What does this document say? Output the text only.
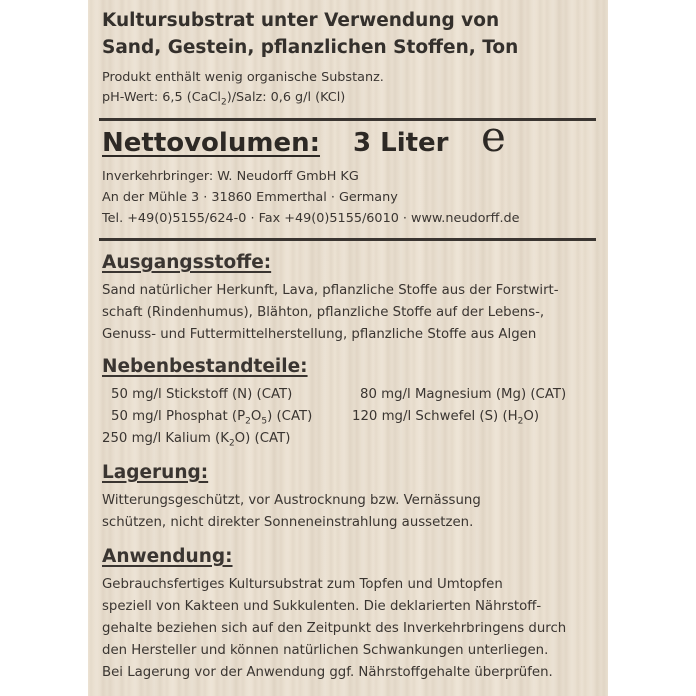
Kultursubstrat unter Verwendung von
Sand, Gestein, pflanzlichen Stoffen, Ton
Produkt enthält wenig organische Substanz.
pH-Wert: 6,5 (CaCl$_2$)/Salz: 0,6 g/l (KCl)
Nettovolumen: 3 Liter e
Inverkehrbringer: W. Neudorff GmbH KG
An der Mühle 3 · 31860 Emmerthal · Germany
Tel. +49(0)5155/624-0 · Fax +49(0)5155/6010 · www.neudorff.de
Ausgangsstoffe:
Sand natürlicher Herkunft, Lava, pflanzliche Stoffe aus der Forstwirt-
schaft (Rindenhumus), Blähton, pflanzliche Stoffe auf der Lebens-,
Genuss- und Futtermittelherstellung, pflanzliche Stoffe aus Algen
Nebenbestandteile:
50 mg/l Stickstoff (N) (CAT)
50 mg/l Phosphat $(P_2O_5)$ (CAT)
250 mg/l Kalium $(K_2O)$ (CAT)
80 mg/l Magnesium (Mg) (CAT)
120 mg/l Schwefel (S) $(H_2O)$
Lagerung:
Witterungsgeschützt, vor Austrocknung bzw. Vernässung
schützen, nicht direkter Sonneneinstrahlung aussetzen.
Anwendung:
Gebrauchsfertiges Kultursubstrat zum Topfen und Umtopfen
speziell von Kakteen und Sukkulenten. Die deklarierten Nährstoff-
gehalte beziehen sich auf den Zeitpunkt des Inverkehrbringens durch
den Hersteller und können natürlichen Schwankungen unterliegen.
Bei Lagerung vor der Anwendung ggf. Nährstoffgehalte überprüfen.
